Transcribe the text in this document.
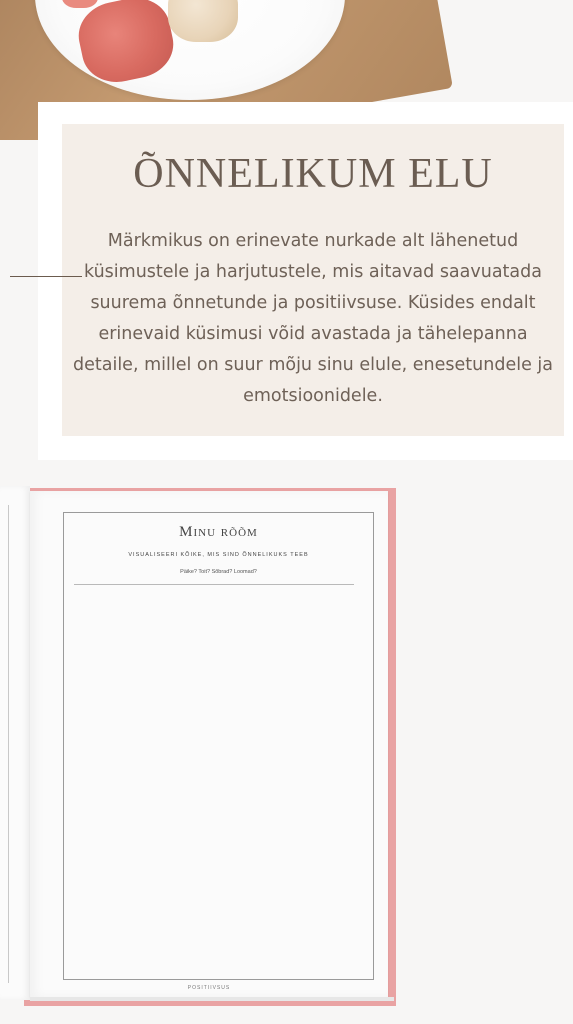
ÕNNELIKUM ELU

Märkmikus on erinevate nurkade alt lähenetud küsimustele ja harjutustele, mis aitavad saavuatada suurema õnnetunde ja positiivsuse. Küsides endalt erinevaid küsimusi võid avastada ja tähelepanna detaile, millel on suur mõju sinu elule, enesetundele ja emotsioonidele.

Minu rõõm

VISUALISEERI KÕIKE, MIS SIND ÕNNELIKUKS TEEB

Päike? Toit? Sõbrad? Loomad?

POSITIIVSUS
